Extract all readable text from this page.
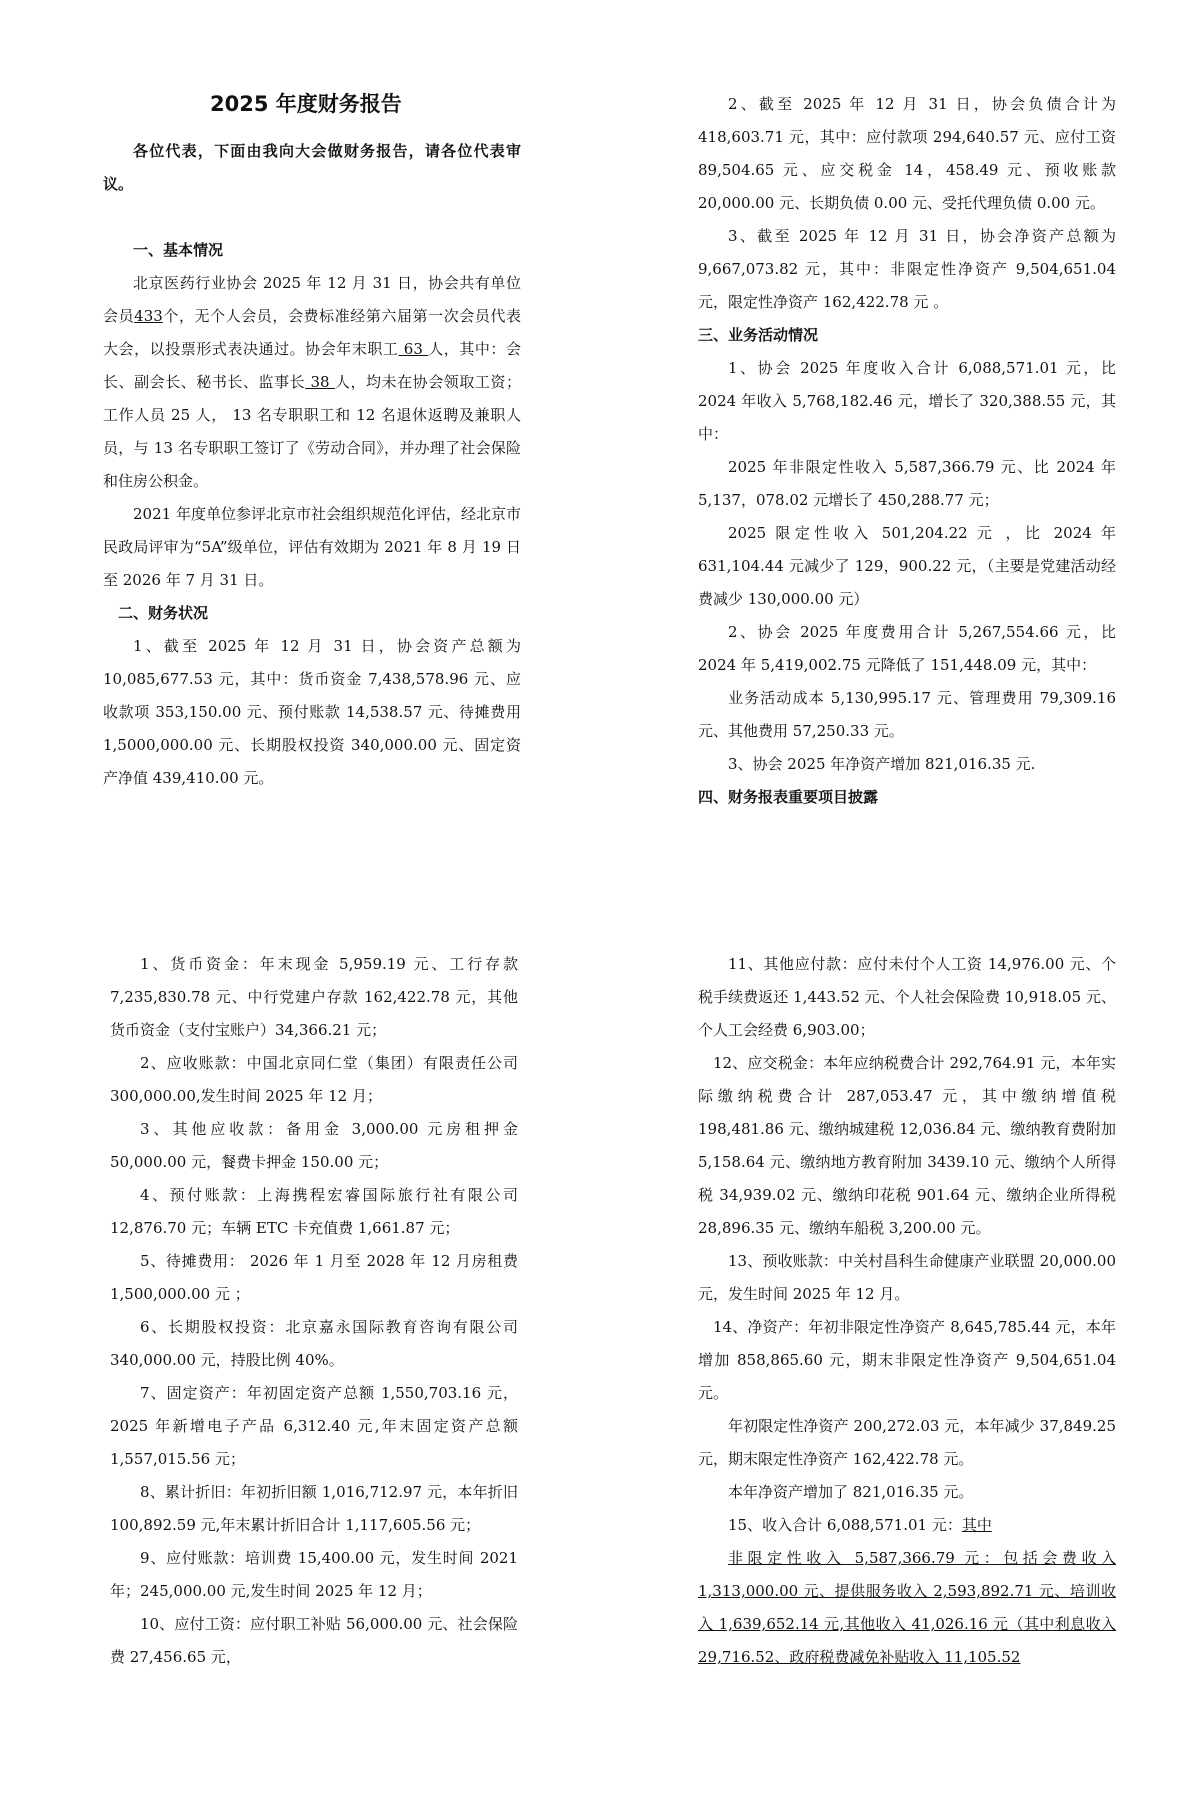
2025 年度财务报告

各位代表，下面由我向大会做财务报告，请各位代表审议。

一、基本情况

北京医药行业协会 2025 年 12 月 31 日，协会共有单位会员433个，无个人会员，会费标准经第六届第一次会员代表大会，以投票形式表决通过。协会年末职工 63 人，其中：会长、副会长、秘书长、监事长 38 人，均未在协会领取工资；工作人员 25 人， 13 名专职职工和 12 名退休返聘及兼职人员，与 13 名专职职工签订了《劳动合同》，并办理了社会保险和住房公积金。

2021 年度单位参评北京市社会组织规范化评估，经北京市民政局评审为“5A”级单位，评估有效期为 2021 年 8 月 19 日至 2026 年 7 月 31 日。

二、财务状况

1、截至 2025 年 12 月 31 日，协会资产总额为 10,085,677.53 元，其中：货币资金 7,438,578.96 元、应收款项 353,150.00 元、预付账款 14,538.57 元、待摊费用 1,5000,000.00 元、长期股权投资 340,000.00 元、固定资产净值 439,410.00 元。

2、截至 2025 年 12 月 31 日，协会负债合计为 418,603.71 元，其中：应付款项 294,640.57 元、应付工资 89,504.65 元、应交税金 14，458.49 元、预收账款 20,000.00 元、长期负债 0.00 元、受托代理负债 0.00 元。

3、截至 2025 年 12 月 31 日，协会净资产总额为 9,667,073.82 元，其中：非限定性净资产 9,504,651.04 元，限定性净资产 162,422.78 元 。

三、业务活动情况

1、协会 2025 年度收入合计 6,088,571.01 元，比 2024 年收入 5,768,182.46 元，增长了 320,388.55 元，其中：

2025 年非限定性收入 5,587,366.79 元、比 2024 年 5,137，078.02 元增长了 450,288.77 元；

2025 限定性收入 501,204.22 元 ，比 2024 年 631,104.44 元减少了 129，900.22 元，（主要是党建活动经费减少 130,000.00 元）

2、协会 2025 年度费用合计 5,267,554.66 元，比 2024 年 5,419,002.75 元降低了 151,448.09 元，其中：

业务活动成本 5,130,995.17 元、管理费用 79,309.16 元、其他费用 57,250.33 元。

3、协会 2025 年净资产增加 821,016.35 元.

四、财务报表重要项目披露

1、货币资金：年末现金 5,959.19 元、工行存款 7,235,830.78 元、中行党建户存款 162,422.78 元，其他货币资金（支付宝账户）34,366.21 元；

2、应收账款：中国北京同仁堂（集团）有限责任公司 300,000.00,发生时间 2025 年 12 月；

3、其他应收款：备用金 3,000.00 元房租押金 50,000.00 元，餐费卡押金 150.00 元；

4、预付账款：上海携程宏睿国际旅行社有限公司 12,876.70 元；车辆 ETC 卡充值费 1,661.87 元；

5、待摊费用： 2026 年 1 月至 2028 年 12 月房租费 1,500,000.00 元 ；

6、长期股权投资：北京嘉永国际教育咨询有限公司 340,000.00 元，持股比例 40%。

7、固定资产：年初固定资产总额 1,550,703.16 元，2025 年新增电子产品 6,312.40 元,年末固定资产总额 1,557,015.56 元；

8、累计折旧：年初折旧额 1,016,712.97 元，本年折旧 100,892.59 元,年末累计折旧合计 1,117,605.56 元；

9、应付账款：培训费 15,400.00 元，发生时间 2021 年；245,000.00 元,发生时间 2025 年 12 月；

10、应付工资：应付职工补贴 56,000.00 元、社会保险费 27,456.65 元，

11、其他应付款：应付未付个人工资 14,976.00 元、个税手续费返还 1,443.52 元、个人社会保险费 10,918.05 元、个人工会经费 6,903.00；

12、应交税金：本年应纳税费合计 292,764.91 元，本年实际缴纳税费合计 287,053.47 元，其中缴纳增值税 198,481.86 元、缴纳城建税 12,036.84 元、缴纳教育费附加 5,158.64 元、缴纳地方教育附加 3439.10 元、缴纳个人所得税 34,939.02 元、缴纳印花税 901.64 元、缴纳企业所得税 28,896.35 元、缴纳车船税 3,200.00 元。

13、预收账款：中关村昌科生命健康产业联盟 20,000.00 元，发生时间 2025 年 12 月。

14、净资产：年初非限定性净资产 8,645,785.44 元，本年增加 858,865.60 元，期末非限定性净资产 9,504,651.04 元。

年初限定性净资产 200,272.03 元，本年减少 37,849.25 元，期末限定性净资产 162,422.78 元。

本年净资产增加了 821,016.35 元。

15、收入合计 6,088,571.01 元：其中

非限定性收入 5,587,366.79 元：包括会费收入 1,313,000.00 元、提供服务收入 2,593,892.71 元、培训收入 1,639,652.14 元,其他收入 41,026.16 元（其中利息收入 29,716.52、政府税费减免补贴收入 11,105.52
